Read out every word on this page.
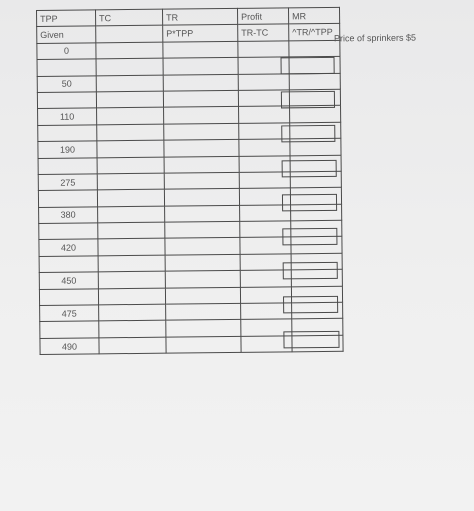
TPP	TC	TR	Profit	MR
Given		P*TPP	TR-TC	^TR/^TPP
0				

50				

110				

190				

275				

380				

420				

450				

475				

490				
Price of sprinkers $5
